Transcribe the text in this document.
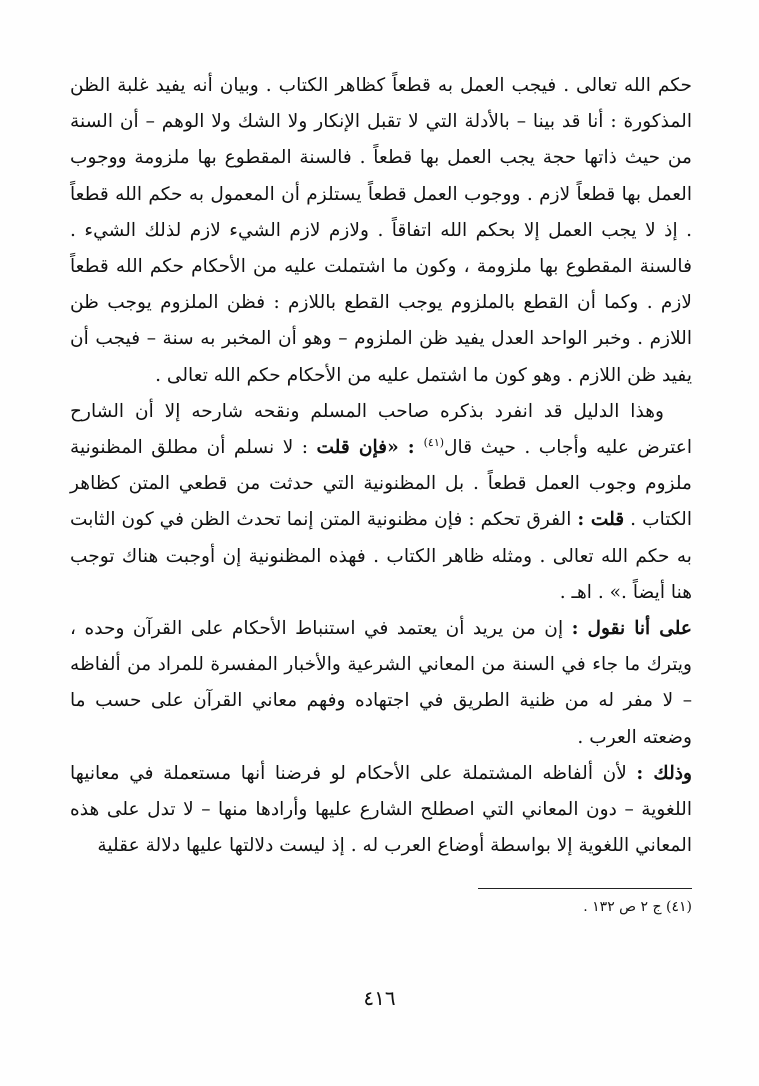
حكم الله تعالى . فيجب العمل به قطعاً كظاهر الكتاب . وبيان أنه يفيد غلبة الظن المذكورة : أنا قد بينا – بالأدلة التي لا تقبل الإنكار ولا الشك ولا الوهم – أن السنة من حيث ذاتها حجة يجب العمل بها قطعاً . فالسنة المقطوع بها ملزومة ووجوب العمل بها قطعاً لازم . ووجوب العمل قطعاً يستلزم أن المعمول به حكم الله قطعاً . إذ لا يجب العمل إلا بحكم الله اتفاقاً . ولازم لازم الشيء لازم لذلك الشيء . فالسنة المقطوع بها ملزومة ، وكون ما اشتملت عليه من الأحكام حكم الله قطعاً لازم . وكما أن القطع بالملزوم يوجب القطع باللازم : فظن الملزوم يوجب ظن اللازم . وخبر الواحد العدل يفيد ظن الملزوم – وهو أن المخبر به سنة – فيجب أن يفيد ظن اللازم . وهو كون ما اشتمل عليه من الأحكام حكم الله تعالى .

وهذا الدليل قد انفرد بذكره صاحب المسلم ونقحه شارحه إلا أن الشارح اعترض عليه وأجاب . حيث قال$^{(٤١)}$ : «فإن قلت : لا نسلم أن مطلق المظنونية ملزوم وجوب العمل قطعاً . بل المظنونية التي حدثت من قطعي المتن كظاهر الكتاب . قلت : الفرق تحكم : فإن مظنونية المتن إنما تحدث الظن في كون الثابت به حكم الله تعالى . ومثله ظاهر الكتاب . فهذه المظنونية إن أوجبت هناك توجب هنا أيضاً .» . اهـ .

على أنا نقول : إن من يريد أن يعتمد في استنباط الأحكام على القرآن وحده ، ويترك ما جاء في السنة من المعاني الشرعية والأخبار المفسرة للمراد من ألفاظه – لا مفر له من ظنية الطريق في اجتهاده وفهم معاني القرآن على حسب ما وضعته العرب .

وذلك : لأن ألفاظه المشتملة على الأحكام لو فرضنا أنها مستعملة في معانيها اللغوية – دون المعاني التي اصطلح الشارع عليها وأرادها منها – لا تدل على هذه المعاني اللغوية إلا بواسطة أوضاع العرب له . إذ ليست دلالتها عليها دلالة عقلية

(٤١) ج ٢ ص ١٣٢ .
٤١٦
